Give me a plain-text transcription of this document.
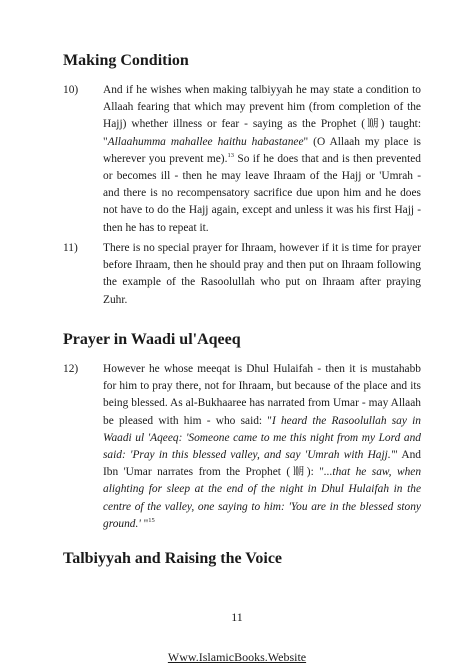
Making Condition
10) And if he wishes when making talbiyyah he may state a condition to Allaah fearing that which may prevent him (from completion of the Hajj) whether illness or fear - saying as the Prophet (㋉) taught: "Allaahumma mahallee haithu habastanee" (O Allaah my place is wherever you prevent me).$^{13}$ So if he does that and is then prevented or becomes ill - then he may leave Ihraam of the Hajj or 'Umrah - and there is no recompensatory sacrifice due upon him and he does not have to do the Hajj again, except and unless it was his first Hajj - then he has to repeat it.
11) There is no special prayer for Ihraam, however if it is time for prayer before Ihraam, then he should pray and then put on Ihraam following the example of the Rasoolullah who put on Ihraam after praying Zuhr.
Prayer in Waadi ul'Aqeeq
12) However he whose meeqat is Dhul Hulaifah - then it is mustahabb for him to pray there, not for Ihraam, but because of the place and its being blessed. As al-Bukhaaree has narrated from Umar - may Allaah be pleased with him - who said: "I heard the Rasoolullah say in Waadi ul 'Aqeeq: 'Someone came to me this night from my Lord and said: 'Pray in this blessed valley, and say 'Umrah with Hajj.'" And Ibn 'Umar narrates from the Prophet (㋉): "...that he saw, when alighting for sleep at the end of the night in Dhul Hulaifah in the centre of the valley, one saying to him: 'You are in the blessed stony ground.' "$^{15}$
Talbiyyah and Raising the Voice
11
Www.IslamicBooks.Website
